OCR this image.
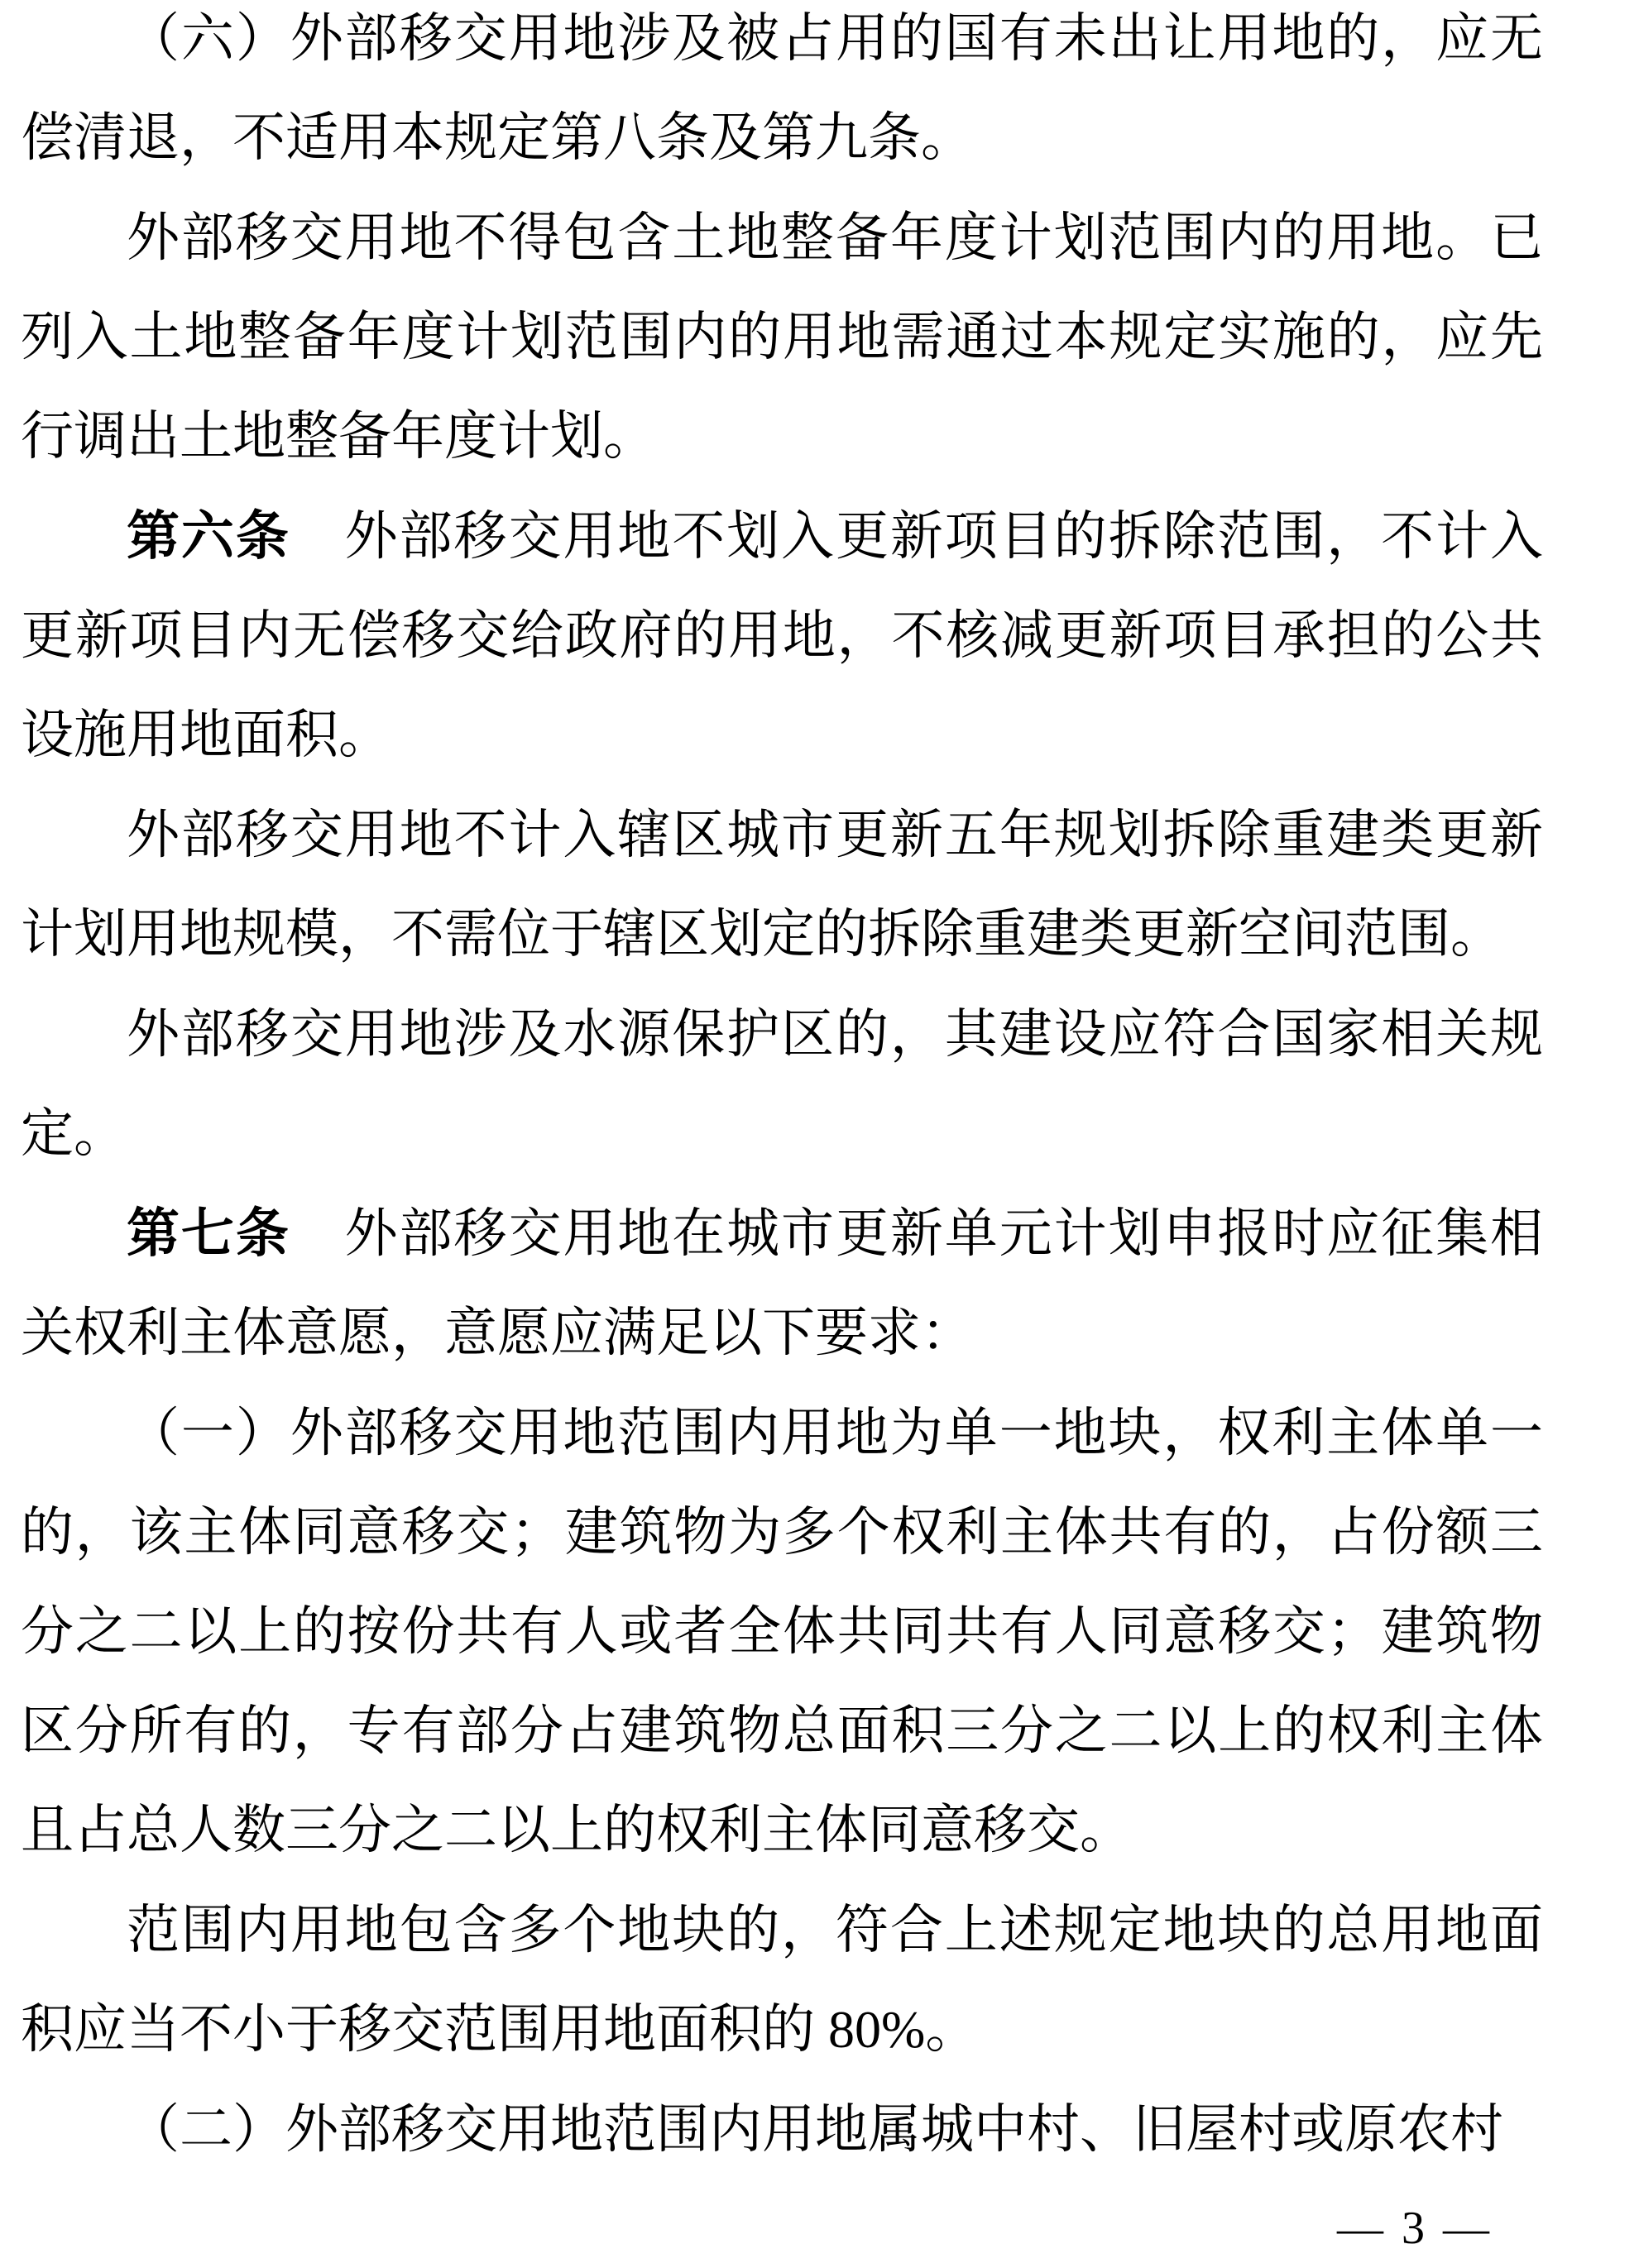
（六）外部移交用地涉及被占用的国有未出让用地的，应无偿清退，不适用本规定第八条及第九条。

外部移交用地不得包含土地整备年度计划范围内的用地。已列入土地整备年度计划范围内的用地需通过本规定实施的，应先行调出土地整备年度计划。

第六条　外部移交用地不划入更新项目的拆除范围，不计入更新项目内无偿移交给政府的用地，不核减更新项目承担的公共设施用地面积。

外部移交用地不计入辖区城市更新五年规划拆除重建类更新计划用地规模，不需位于辖区划定的拆除重建类更新空间范围。

外部移交用地涉及水源保护区的，其建设应符合国家相关规定。

第七条　外部移交用地在城市更新单元计划申报时应征集相关权利主体意愿，意愿应满足以下要求：

（一）外部移交用地范围内用地为单一地块，权利主体单一的，该主体同意移交；建筑物为多个权利主体共有的，占份额三分之二以上的按份共有人或者全体共同共有人同意移交；建筑物区分所有的，专有部分占建筑物总面积三分之二以上的权利主体且占总人数三分之二以上的权利主体同意移交。

范围内用地包含多个地块的，符合上述规定地块的总用地面积应当不小于移交范围用地面积的 80%。

（二）外部移交用地范围内用地属城中村、旧屋村或原农村

— 3 —
